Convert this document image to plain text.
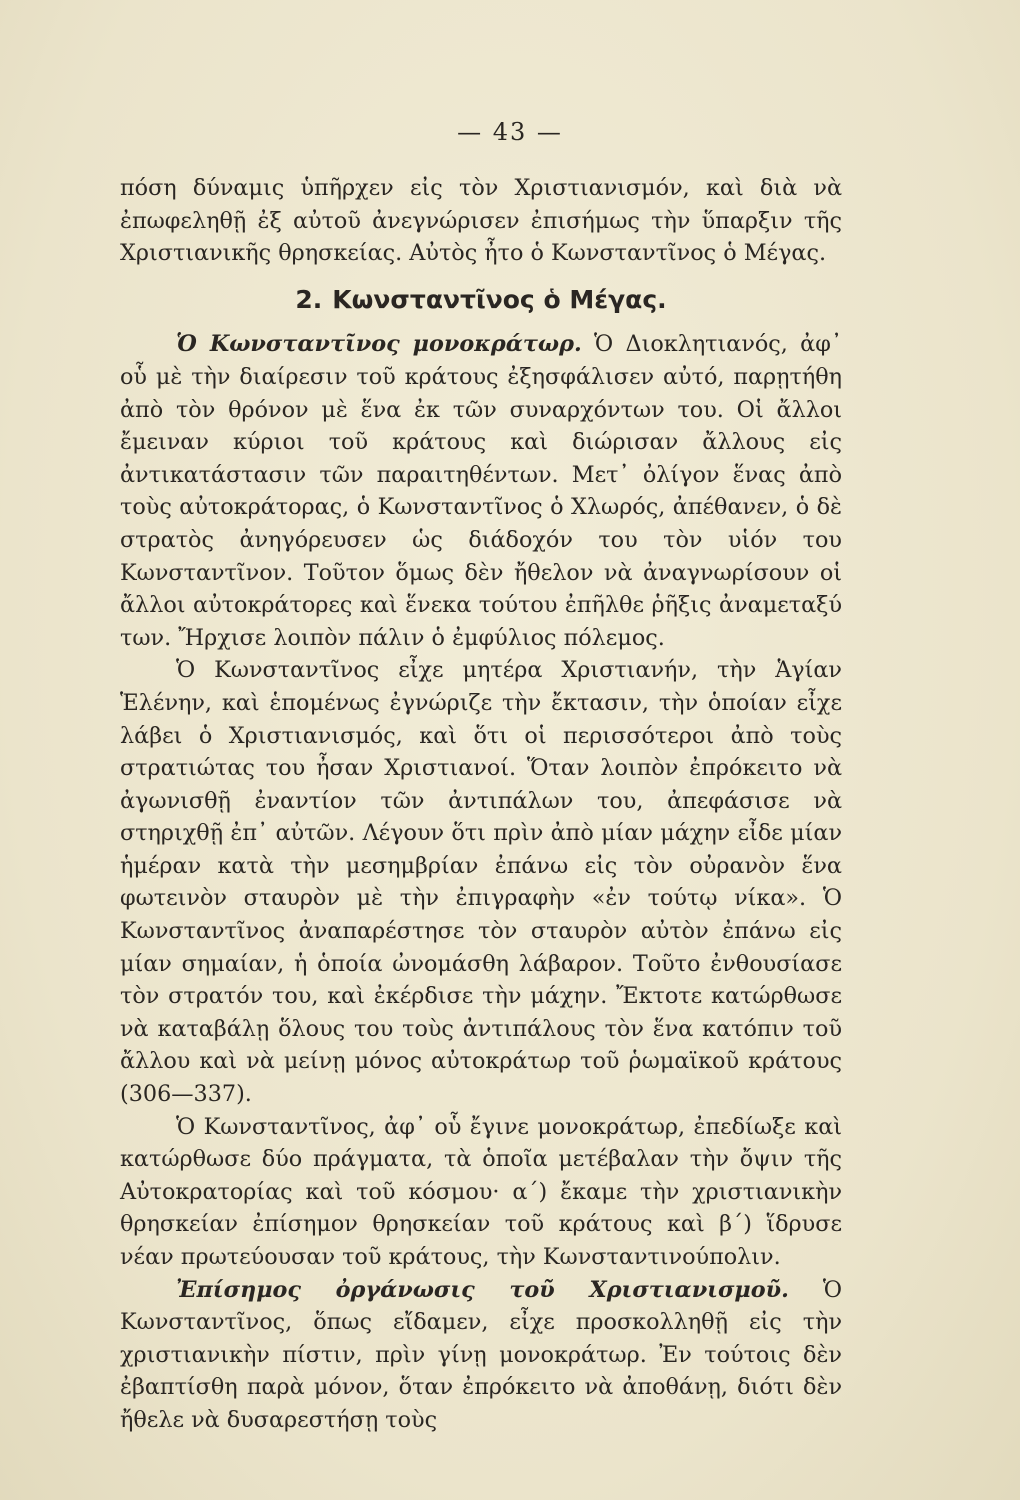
— 43 —

πόση δύναμις ὑπῆρχεν εἰς τὸν Χριστιανισμόν, καὶ διὰ νὰ ἐπωφεληθῇ ἐξ αὐτοῦ ἀνεγνώρισεν ἐπισήμως τὴν ὕπαρξιν τῆς Χριστιανικῆς θρησκείας. Αὐτὸς ἦτο ὁ Κωνσταντῖνος ὁ Μέγας.

2. Κωνσταντῖνος ὁ Μέγας.

Ὁ Κωνσταντῖνος μονοκράτωρ. Ὁ Διοκλητιανός, ἀφ᾿ οὗ μὲ τὴν διαίρεσιν τοῦ κράτους ἐξησφάλισεν αὐτό, παρῃτήθη ἀπὸ τὸν θρόνον μὲ ἕνα ἐκ τῶν συναρχόντων του. Οἱ ἄλλοι ἔμειναν κύριοι τοῦ κράτους καὶ διώρισαν ἄλλους εἰς ἀντικατάστασιν τῶν παραιτηθέντων. Μετ᾿ ὀλίγον ἕνας ἀπὸ τοὺς αὐτοκράτορας, ὁ Κωνσταντῖνος ὁ Χλωρός, ἀπέθανεν, ὁ δὲ στρατὸς ἀνηγόρευσεν ὡς διάδοχόν του τὸν υἱόν του Κωνσταντῖνον. Τοῦτον ὅμως δὲν ἤθελον νὰ ἀναγνωρίσουν οἱ ἄλλοι αὐτοκράτορες καὶ ἕνεκα τούτου ἐπῆλθε ῥῆξις ἀναμεταξύ των. Ἤρχισε λοιπὸν πάλιν ὁ ἐμφύλιος πόλεμος.

Ὁ Κωνσταντῖνος εἶχε μητέρα Χριστιανήν, τὴν Ἁγίαν Ἑλένην, καὶ ἑπομένως ἐγνώριζε τὴν ἔκτασιν, τὴν ὁποίαν εἶχε λάβει ὁ Χριστιανισμός, καὶ ὅτι οἱ περισσότεροι ἀπὸ τοὺς στρατιώτας του ἦσαν Χριστιανοί. Ὅταν λοιπὸν ἐπρόκειτο νὰ ἀγωνισθῇ ἐναντίον τῶν ἀντιπάλων του, ἀπεφάσισε νὰ στηριχθῇ ἐπ᾿ αὐτῶν. Λέγουν ὅτι πρὶν ἀπὸ μίαν μάχην εἶδε μίαν ἡμέραν κατὰ τὴν μεσημβρίαν ἐπάνω εἰς τὸν οὐρανὸν ἕνα φωτεινὸν σταυρὸν μὲ τὴν ἐπιγραφὴν «ἐν τούτῳ νίκα». Ὁ Κωνσταντῖνος ἀναπαρέστησε τὸν σταυρὸν αὐτὸν ἐπάνω εἰς μίαν σημαίαν, ἡ ὁποία ὠνομάσθη λάβαρον. Τοῦτο ἐνθουσίασε τὸν στρατόν του, καὶ ἐκέρδισε τὴν μάχην. Ἔκτοτε κατώρθωσε νὰ καταβάλῃ ὅλους του τοὺς ἀντιπάλους τὸν ἕνα κατόπιν τοῦ ἄλλου καὶ νὰ μείνῃ μόνος αὐτοκράτωρ τοῦ ῥωμαϊκοῦ κράτους (306—337).

Ὁ Κωνσταντῖνος, ἀφ᾿ οὗ ἔγινε μονοκράτωρ, ἐπεδίωξε καὶ κατώρθωσε δύο πράγματα, τὰ ὁποῖα μετέβαλαν τὴν ὄψιν τῆς Αὐτοκρατορίας καὶ τοῦ κόσμου· α΄) ἔκαμε τὴν χριστιανικὴν θρησκείαν ἐπίσημον θρησκείαν τοῦ κράτους καὶ β΄) ἵδρυσε νέαν πρωτεύουσαν τοῦ κράτους, τὴν Κωνσταντινούπολιν.

Ἐπίσημος ὀργάνωσις τοῦ Χριστιανισμοῦ. Ὁ Κωνσταντῖνος, ὅπως εἴδαμεν, εἶχε προσκολληθῇ εἰς τὴν χριστιανικὴν πίστιν, πρὶν γίνῃ μονοκράτωρ. Ἐν τούτοις δὲν ἐβαπτίσθη παρὰ μόνον, ὅταν ἐπρόκειτο νὰ ἀποθάνῃ, διότι δὲν ἤθελε νὰ δυσαρεστήσῃ τοὺς
